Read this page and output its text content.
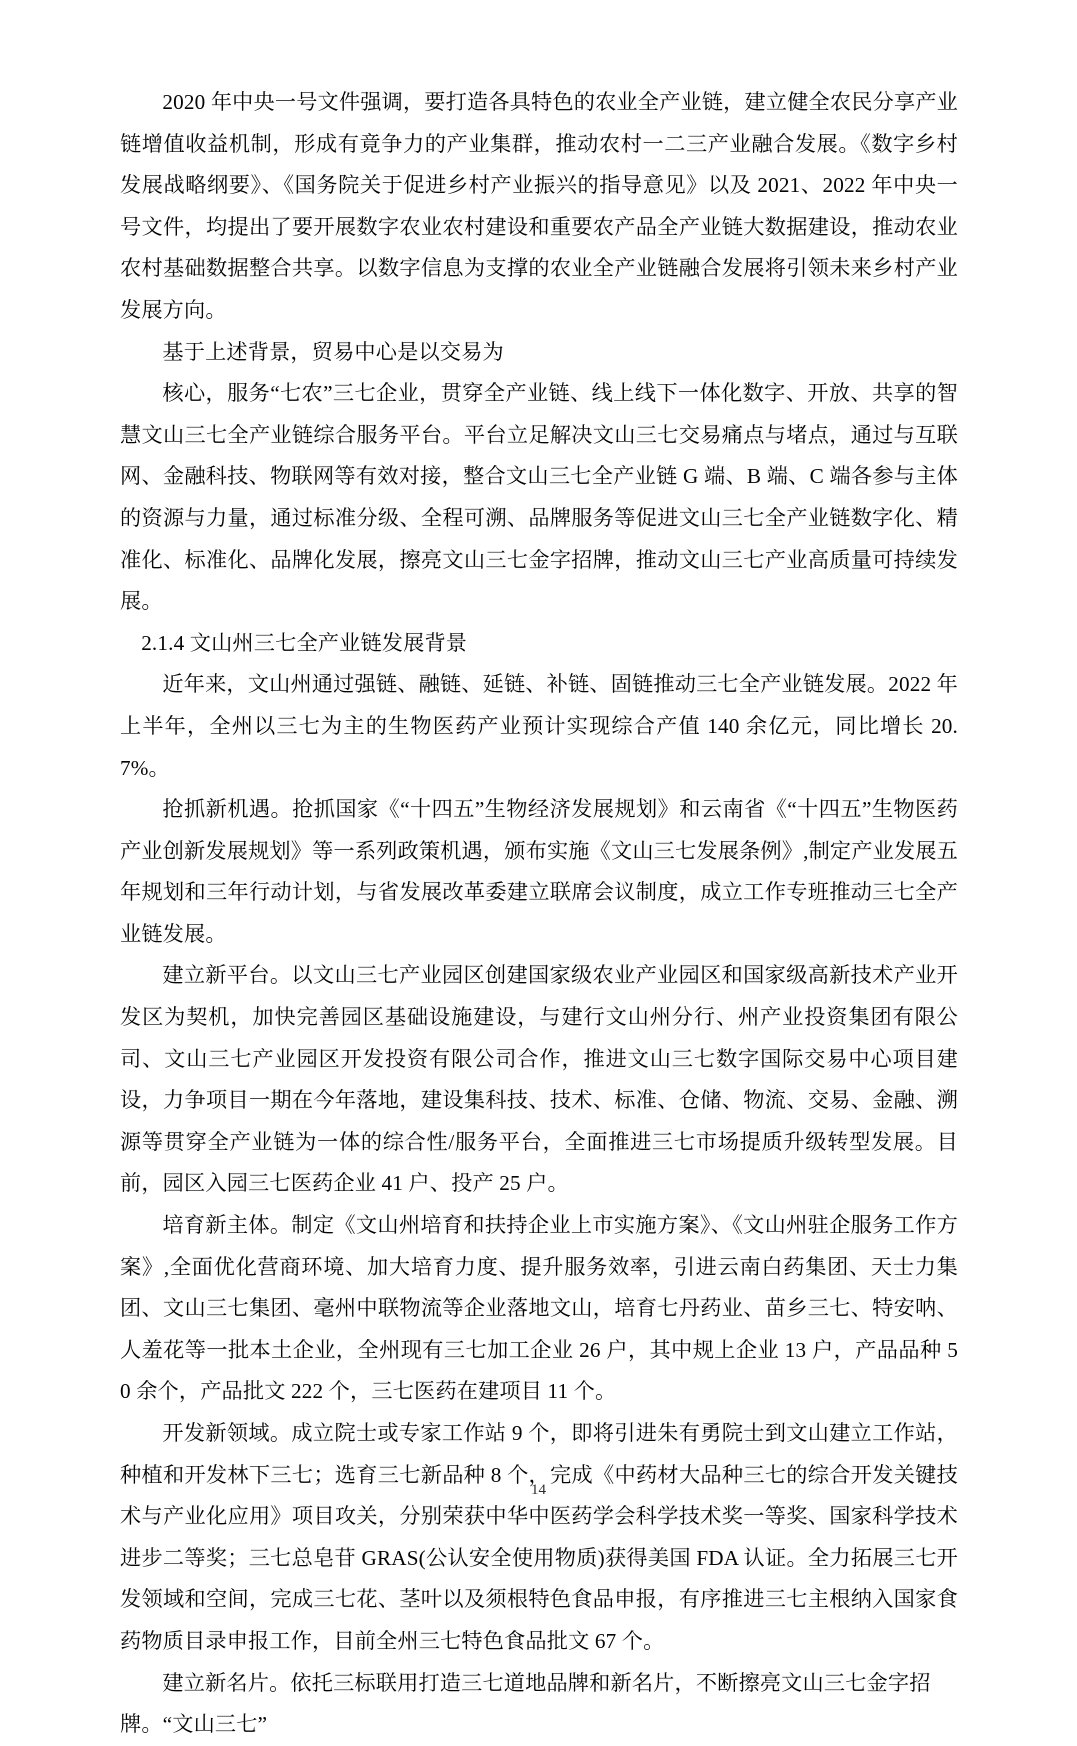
2020 年中央一号文件强调，要打造各具特色的农业全产业链，建立健全农民分享产业链增值收益机制，形成有竟争力的产业集群，推动农村一二三产业融合发展。《数字乡村发展战略纲要》、《国务院关于促进乡村产业振兴的指导意见》以及 2021、2022 年中央一号文件，均提出了要开展数字农业农村建设和重要农产品全产业链大数据建设，推动农业农村基础数据整合共享。以数字信息为支撑的农业全产业链融合发展将引领未来乡村产业发展方向。

基于上述背景，贸易中心是以交易为

核心，服务“七农”三七企业，贯穿全产业链、线上线下一体化数字、开放、共享的智慧文山三七全产业链综合服务平台。平台立足解决文山三七交易痛点与堵点，通过与互联网、金融科技、物联网等有效对接，整合文山三七全产业链 G 端、B 端、C 端各参与主体的资源与力量，通过标准分级、全程可溯、品牌服务等促进文山三七全产业链数字化、精准化、标准化、品牌化发展，擦亮文山三七金字招牌，推动文山三七产业高质量可持续发展。

2.1.4 文山州三七全产业链发展背景

近年来，文山州通过强链、融链、延链、补链、固链推动三七全产业链发展。2022 年上半年，全州以三七为主的生物医药产业预计实现综合产值 140 余亿元，同比增长 20.7%。

抢抓新机遇。抢抓国家《“十四五”生物经济发展规划》和云南省《“十四五”生物医药产业创新发展规划》等一系列政策机遇，颁布实施《文山三七发展条例》,制定产业发展五年规划和三年行动计划，与省发展改革委建立联席会议制度，成立工作专班推动三七全产业链发展。

建立新平台。以文山三七产业园区创建国家级农业产业园区和国家级高新技术产业开发区为契机，加快完善园区基础设施建设，与建行文山州分行、州产业投资集团有限公司、文山三七产业园区开发投资有限公司合作，推进文山三七数字国际交易中心项目建设，力争项目一期在今年落地，建设集科技、技术、标准、仓储、物流、交易、金融、溯源等贯穿全产业链为一体的综合性/服务平台，全面推进三七市场提质升级转型发展。目前，园区入园三七医药企业 41 户、投产 25 户。

培育新主体。制定《文山州培育和扶持企业上市实施方案》、《文山州驻企服务工作方案》,全面优化营商环境、加大培育力度、提升服务效率，引进云南白药集团、天士力集团、文山三七集团、毫州中联物流等企业落地文山，培育七丹药业、苗乡三七、特安呐、人羞花等一批本土企业，全州现有三七加工企业 26 户，其中规上企业 13 户，产品品种 50 余个，产品批文 222 个，三七医药在建项目 11 个。

开发新领域。成立院士或专家工作站 9 个，即将引进朱有勇院士到文山建立工作站，种植和开发林下三七；选育三七新品种 8 个，完成《中药材大品种三七的综合开发关键技术与产业化应用》项目攻关，分别荣获中华中医药学会科学技术奖一等奖、国家科学技术进步二等奖；三七总皂苷 GRAS(公认安全使用物质)获得美国 FDA 认证。全力拓展三七开发领域和空间，完成三七花、茎叶以及须根特色食品申报，有序推进三七主根纳入国家食药物质目录申报工作，目前全州三七特色食品批文 67 个。

建立新名片。依托三标联用打造三七道地品牌和新名片，不断擦亮文山三七金字招牌。“文山三七”

14
